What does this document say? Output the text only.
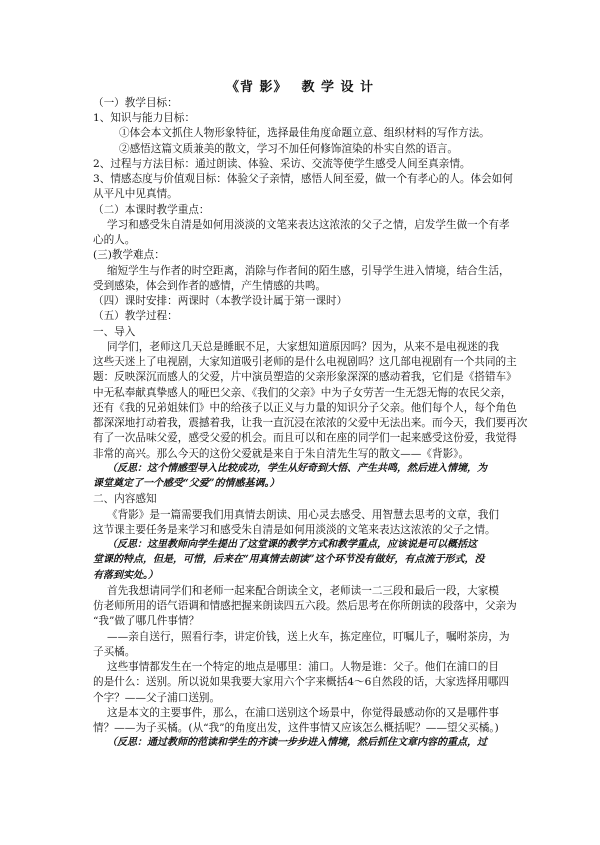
《背 影》 教 学 设 计
（一）教学目标：
1、知识与能力目标：
①体会本文抓住人物形象特征，选择最佳角度命题立意、组织材料的写作方法。
②感悟这篇文质兼美的散文，学习不加任何修饰渲染的朴实自然的语言。
2、过程与方法目标：通过朗读、体验、采访、交流等使学生感受人间至真亲情。
3、情感态度与价值观目标：体验父子亲情，感悟人间至爱，做一个有孝心的人。体会如何
从平凡中见真情。
（二）本课时教学重点：
学习和感受朱自清是如何用淡淡的文笔来表达这浓浓的父子之情，启发学生做一个有孝
心的人。
(三)教学难点：
缩短学生与作者的时空距离，消除与作者间的陌生感，引导学生进入情境，结合生活，
受到感染，体会到作者的感情，产生情感的共鸣。
（四）课时安排：两课时（本教学设计属于第一课时）
（五）教学过程：
一、导入
同学们，老师这几天总是睡眠不足，大家想知道原因吗？因为，从来不是电视迷的我
这些天迷上了电视剧，大家知道吸引老师的是什么电视剧吗？这几部电视剧有一个共同的主
题：反映深沉而感人的父爱，片中演员塑造的父亲形象深深的感动着我，它们是《搭错车》
中无私奉献真挚感人的哑巴父亲、《我们的父亲》中为子女劳苦一生无怨无悔的农民父亲，
还有《我的兄弟姐妹们》中的给孩子以正义与力量的知识分子父亲。他们每个人，每个角色
都深深地打动着我，震撼着我，让我一直沉浸在浓浓的父爱中无法出来。而今天，我们要再次
有了一次品味父爱，感受父爱的机会。而且可以和在座的同学们一起来感受这份爱，我觉得
非常的高兴。那么今天的这份父爱就是来自于朱自清先生写的散文——《背影》。
（反思：这个情感型导入比较成功，学生从好奇到大悟、产生共鸣，然后进入情境，为
课堂奠定了一个感受“父爱”的情感基调。）
二、内容感知
《背影》是一篇需要我们用真情去朗读、用心灵去感受、用智慧去思考的文章，我们
这节课主要任务是来学习和感受朱自清是如何用淡淡的文笔来表达这浓浓的父子之情。
（反思：这里教师向学生提出了这堂课的教学方式和教学重点，应该说是可以概括这
堂课的特点，但是，可惜，后来在“用真情去朗读”这个环节没有做好，有点流于形式，没
有落到实处。）
首先我想请同学们和老师一起来配合朗读全文，老师读一二三段和最后一段，大家模
仿老师所用的语气语调和情感把握来朗读四五六段。然后思考在你所朗读的段落中，父亲为
“我”做了哪几件事情？
——亲自送行，照看行李，讲定价钱，送上火车，拣定座位，叮嘱儿子，嘱咐茶房，为
子买橘。
这些事情都发生在一个特定的地点是哪里：浦口。人物是谁：父子。他们在浦口的目
的是什么：送别。所以说如果我要大家用六个字来概括4～6自然段的话，大家选择用哪四
个字？——父子浦口送别。
这是本文的主要事件，那么，在浦口送别这个场景中，你觉得最感动你的又是哪件事
情？——为子买橘。(从“我”的角度出发，这件事情又应该怎么概括呢？——望父买橘。)
（反思：通过教师的范读和学生的齐读一步步进入情境，然后抓住文章内容的重点，过
